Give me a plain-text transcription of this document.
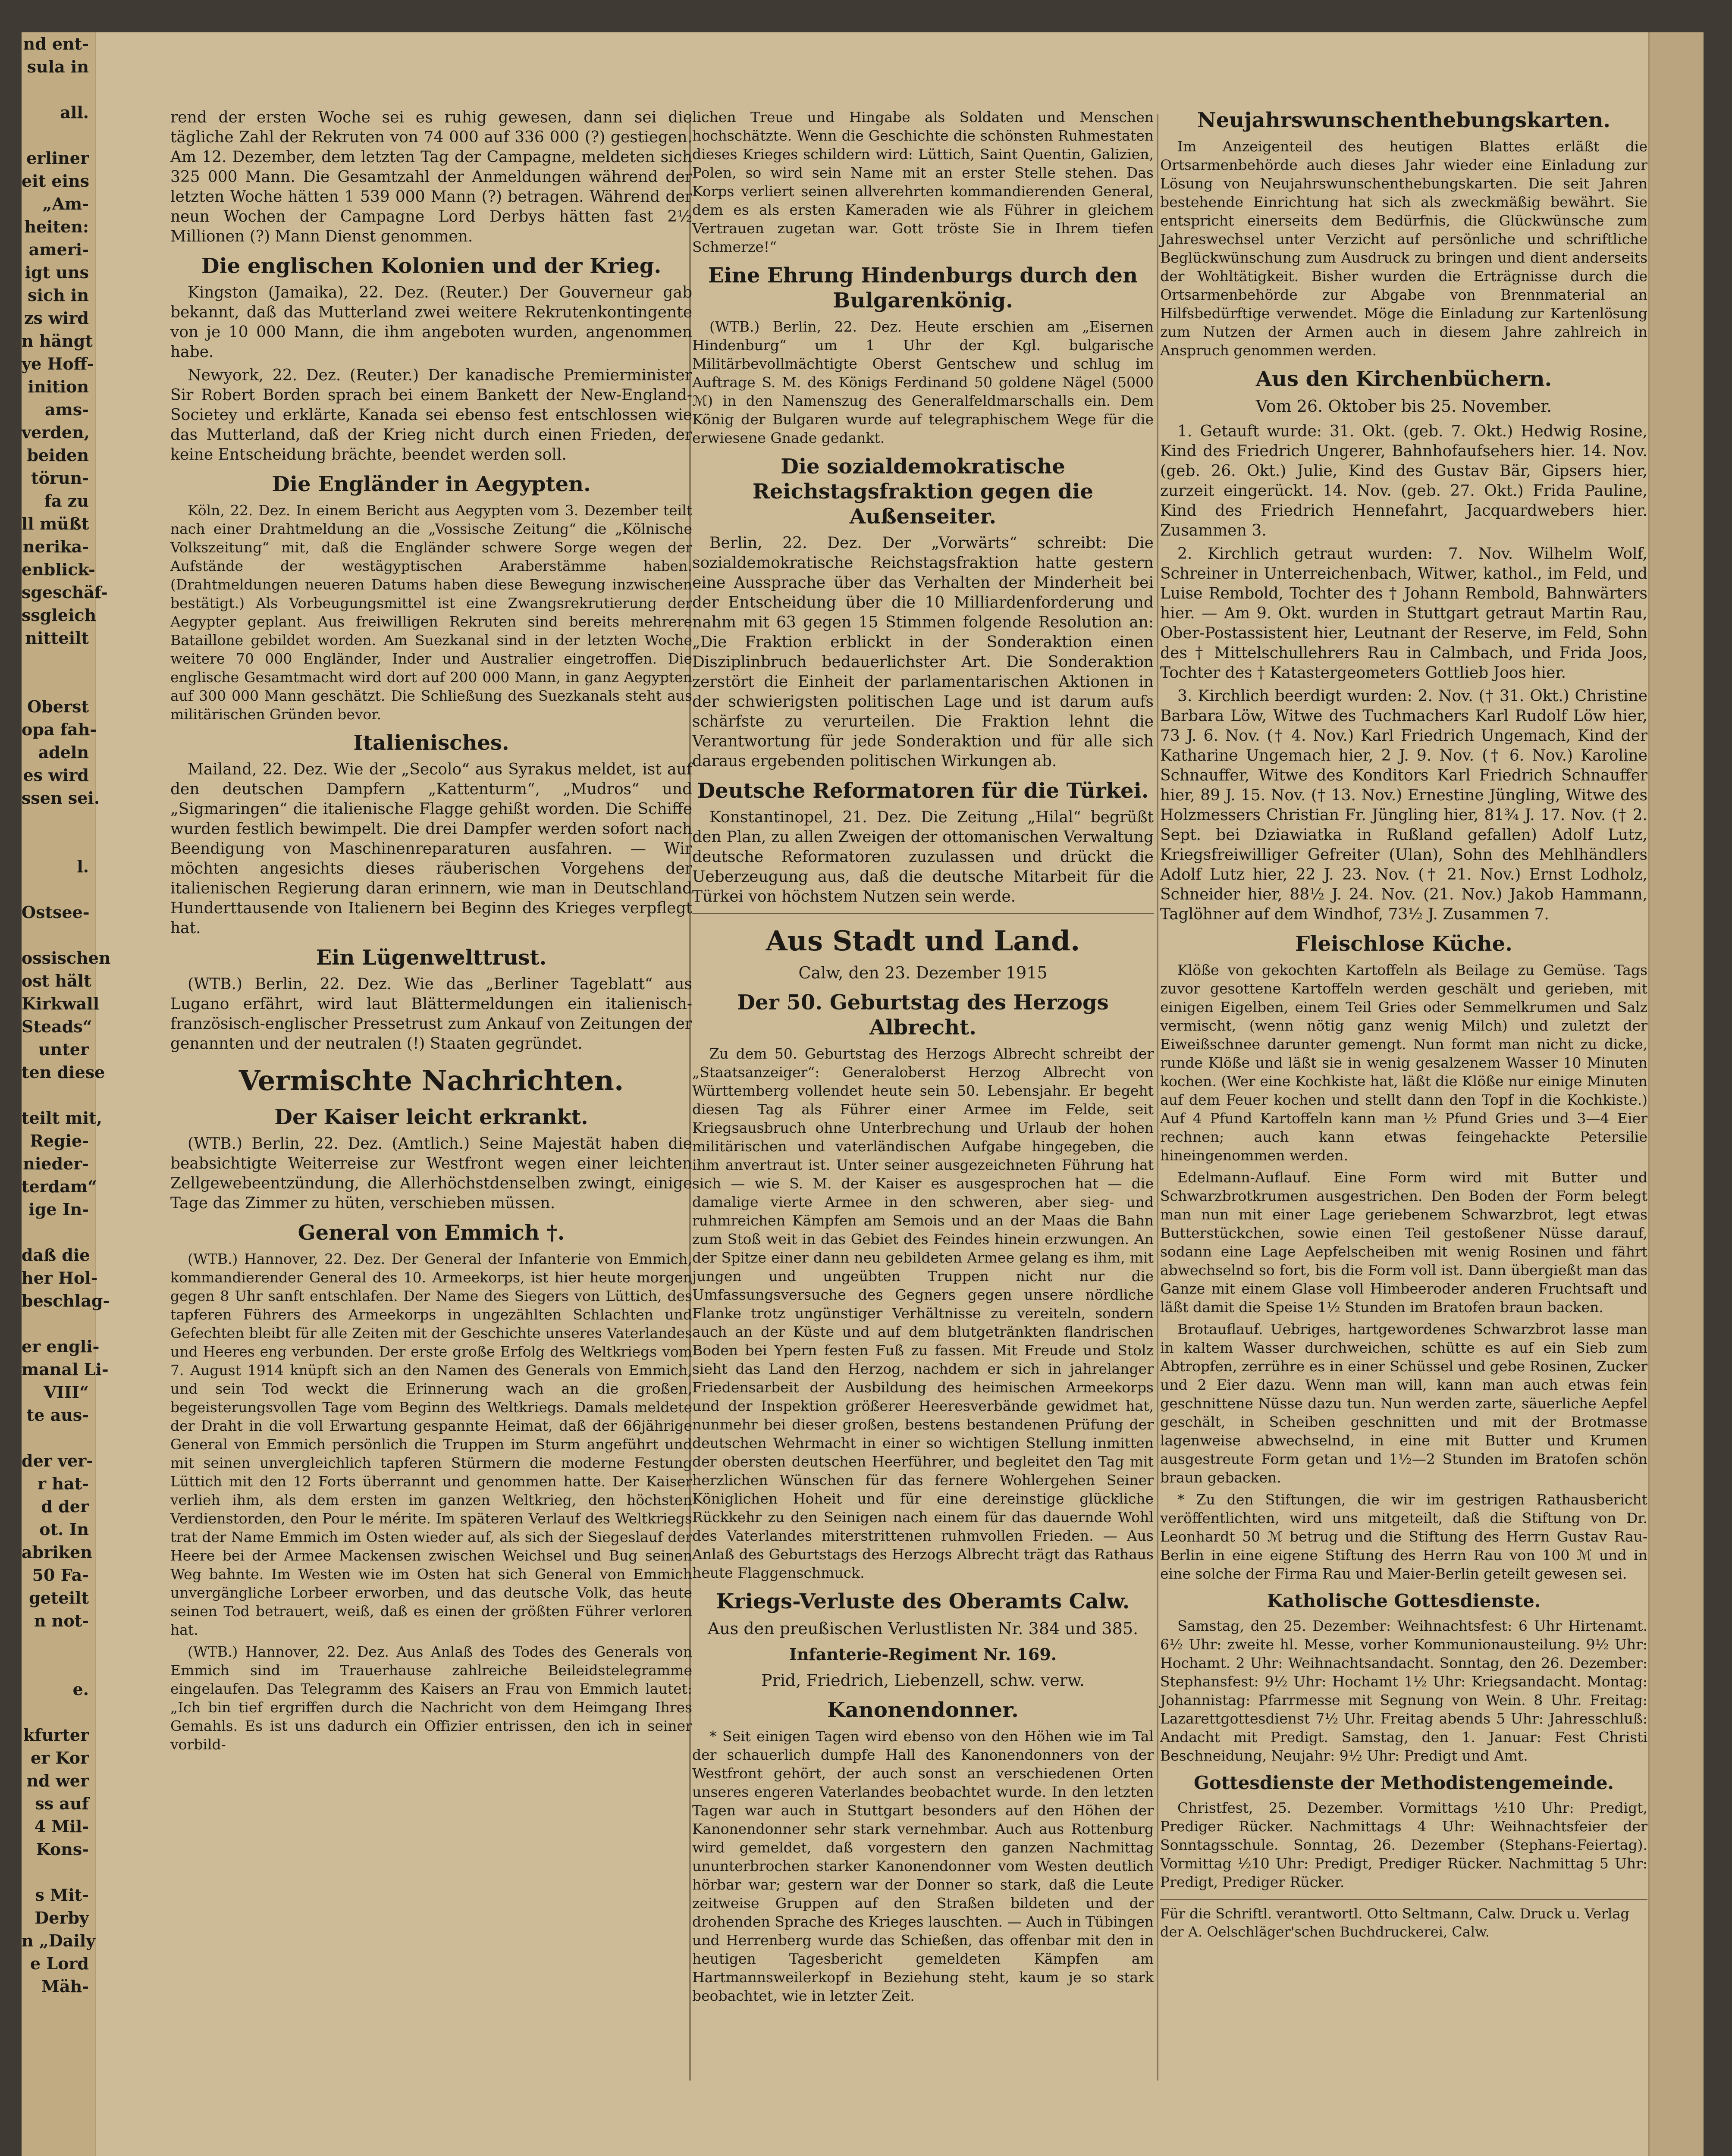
nd ent-
sula in

all.

erliner
eit eins
„Am-
heiten:
ameri-
igt uns
sich in
zs wird
n hängt
ye Hoff-
inition
ams-
verden,
beiden
törun-
fa zu
ll müßt
nerika-
enblick-
sgeschäf-
ssgleich
nitteilt

Oberst
opa fah-
adeln
es wird
ssen sei.

l.

Ostsee-

ossischen
ost hält
Kirkwall
Steads“
unter
ten diese

teilt mit,
Regie-
nieder-
terdam“
ige In-

daß die
her Hol-
beschlag-

er engli-
manal Li-
VIII“
te aus-

der ver-
r hat-
d der
ot. In
abriken
50 Fa-
geteilt
n not-

e.

kfurter
er Kor
nd wer
ss auf
4 Mil-
Kons-

s Mit-
Derby
n „Daily
e Lord
Mäh-

rend der ersten Woche sei es ruhig gewesen, dann sei die tägliche Zahl der Rekruten von 74 000 auf 336 000 (?) gestiegen. Am 12. Dezember, dem letzten Tag der Campagne, meldeten sich 325 000 Mann. Die Gesamtzahl der Anmeldungen während der letzten Woche hätten 1 539 000 Mann (?) betragen. Während der neun Wochen der Campagne Lord Derbys hätten fast 2½ Millionen (?) Mann Dienst genommen.

Die englischen Kolonien und der Krieg.

Kingston (Jamaika), 22. Dez. (Reuter.) Der Gouverneur gab bekannt, daß das Mutterland zwei weitere Rekrutenkontingente von je 10 000 Mann, die ihm angeboten wurden, angenommen habe.

Newyork, 22. Dez. (Reuter.) Der kanadische Premierminister Sir Robert Borden sprach bei einem Bankett der New-England-Societey und erklärte, Kanada sei ebenso fest entschlossen wie das Mutterland, daß der Krieg nicht durch einen Frieden, der keine Entscheidung brächte, beendet werden soll.

Die Engländer in Aegypten.

Köln, 22. Dez. In einem Bericht aus Aegypten vom 3. Dezember teilt nach einer Drahtmeldung an die „Vossische Zeitung“ die „Kölnische Volkszeitung“ mit, daß die Engländer schwere Sorge wegen der Aufstände der westägyptischen Araberstämme haben. (Drahtmeldungen neueren Datums haben diese Bewegung inzwischen bestätigt.) Als Vorbeugungsmittel ist eine Zwangsrekrutierung der Aegypter geplant. Aus freiwilligen Rekruten sind bereits mehrere Bataillone gebildet worden. Am Suezkanal sind in der letzten Woche weitere 70 000 Engländer, Inder und Australier eingetroffen. Die englische Gesamtmacht wird dort auf 200 000 Mann, in ganz Aegypten auf 300 000 Mann geschätzt. Die Schließung des Suezkanals steht aus militärischen Gründen bevor.

Italienisches.

Mailand, 22. Dez. Wie der „Secolo“ aus Syrakus meldet, ist auf den deutschen Dampfern „Kattenturm“, „Mudros“ und „Sigmaringen“ die italienische Flagge gehißt worden. Die Schiffe wurden festlich bewimpelt. Die drei Dampfer werden sofort nach Beendigung von Maschinenreparaturen ausfahren. — Wir möchten angesichts dieses räuberischen Vorgehens der italienischen Regierung daran erinnern, wie man in Deutschland Hunderttausende von Italienern bei Beginn des Krieges verpflegt hat.

Ein Lügenwelttrust.

(WTB.) Berlin, 22. Dez. Wie das „Berliner Tageblatt“ aus Lugano erfährt, wird laut Blättermeldungen ein italienisch-französisch-englischer Pressetrust zum Ankauf von Zeitungen der genannten und der neutralen (!) Staaten gegründet.

Vermischte Nachrichten.
Der Kaiser leicht erkrankt.

(WTB.) Berlin, 22. Dez. (Amtlich.) Seine Majestät haben die beabsichtigte Weiterreise zur Westfront wegen einer leichten Zellgewebeentzündung, die Allerhöchstdenselben zwingt, einige Tage das Zimmer zu hüten, verschieben müssen.

General von Emmich †.

(WTB.) Hannover, 22. Dez. Der General der Infanterie von Emmich, kommandierender General des 10. Armeekorps, ist hier heute morgen gegen 8 Uhr sanft entschlafen. Der Name des Siegers von Lüttich, des tapferen Führers des Armeekorps in ungezählten Schlachten und Gefechten bleibt für alle Zeiten mit der Geschichte unseres Vaterlandes und Heeres eng verbunden. Der erste große Erfolg des Weltkriegs vom 7. August 1914 knüpft sich an den Namen des Generals von Emmich, und sein Tod weckt die Erinnerung wach an die großen, begeisterungsvollen Tage vom Beginn des Weltkriegs. Damals meldete der Draht in die voll Erwartung gespannte Heimat, daß der 66jährige General von Emmich persönlich die Truppen im Sturm angeführt und mit seinen unvergleichlich tapferen Stürmern die moderne Festung Lüttich mit den 12 Forts überrannt und genommen hatte. Der Kaiser verlieh ihm, als dem ersten im ganzen Weltkrieg, den höchsten Verdienstorden, den Pour le mérite. Im späteren Verlauf des Weltkriegs trat der Name Emmich im Osten wieder auf, als sich der Siegeslauf der Heere bei der Armee Mackensen zwischen Weichsel und Bug seinen Weg bahnte. Im Westen wie im Osten hat sich General von Emmich unvergängliche Lorbeer erworben, und das deutsche Volk, das heute seinen Tod betrauert, weiß, daß es einen der größten Führer verloren hat.

(WTB.) Hannover, 22. Dez. Aus Anlaß des Todes des Generals von Emmich sind im Trauerhause zahlreiche Beileidstelegramme eingelaufen. Das Telegramm des Kaisers an Frau von Emmich lautet: „Ich bin tief ergriffen durch die Nachricht von dem Heimgang Ihres Gemahls. Es ist uns dadurch ein Offizier entrissen, den ich in seiner vorbild-

lichen Treue und Hingabe als Soldaten und Menschen hochschätzte. Wenn die Geschichte die schönsten Ruhmestaten dieses Krieges schildern wird: Lüttich, Saint Quentin, Galizien, Polen, so wird sein Name mit an erster Stelle stehen. Das Korps verliert seinen allverehrten kommandierenden General, dem es als ersten Kameraden wie als Führer in gleichem Vertrauen zugetan war. Gott tröste Sie in Ihrem tiefen Schmerze!“

Eine Ehrung Hindenburgs durch den Bulgarenkönig.

(WTB.) Berlin, 22. Dez. Heute erschien am „Eisernen Hindenburg“ um 1 Uhr der Kgl. bulgarische Militärbevollmächtigte Oberst Gentschew und schlug im Auftrage S. M. des Königs Ferdinand 50 goldene Nägel (5000 ℳ) in den Namenszug des Generalfeldmarschalls ein. Dem König der Bulgaren wurde auf telegraphischem Wege für die erwiesene Gnade gedankt.

Die sozialdemokratische Reichstagsfraktion gegen die Außenseiter.

Berlin, 22. Dez. Der „Vorwärts“ schreibt: Die sozialdemokratische Reichstagsfraktion hatte gestern eine Aussprache über das Verhalten der Minderheit bei der Entscheidung über die 10 Milliardenforderung und nahm mit 63 gegen 15 Stimmen folgende Resolution an: „Die Fraktion erblickt in der Sonderaktion einen Disziplinbruch bedauerlichster Art. Die Sonderaktion zerstört die Einheit der parlamentarischen Aktionen in der schwierigsten politischen Lage und ist darum aufs schärfste zu verurteilen. Die Fraktion lehnt die Verantwortung für jede Sonderaktion und für alle sich daraus ergebenden politischen Wirkungen ab.

Deutsche Reformatoren für die Türkei.

Konstantinopel, 21. Dez. Die Zeitung „Hilal“ begrüßt den Plan, zu allen Zweigen der ottomanischen Verwaltung deutsche Reformatoren zuzulassen und drückt die Ueberzeugung aus, daß die deutsche Mitarbeit für die Türkei von höchstem Nutzen sein werde.

Aus Stadt und Land.
Calw, den 23. Dezember 1915
Der 50. Geburtstag des Herzogs Albrecht.

Zu dem 50. Geburtstag des Herzogs Albrecht schreibt der „Staatsanzeiger“: Generaloberst Herzog Albrecht von Württemberg vollendet heute sein 50. Lebensjahr. Er begeht diesen Tag als Führer einer Armee im Felde, seit Kriegsausbruch ohne Unterbrechung und Urlaub der hohen militärischen und vaterländischen Aufgabe hingegeben, die ihm anvertraut ist. Unter seiner ausgezeichneten Führung hat sich — wie S. M. der Kaiser es ausgesprochen hat — die damalige vierte Armee in den schweren, aber sieg- und ruhmreichen Kämpfen am Semois und an der Maas die Bahn zum Stoß weit in das Gebiet des Feindes hinein erzwungen. An der Spitze einer dann neu gebildeten Armee gelang es ihm, mit jungen und ungeübten Truppen nicht nur die Umfassungsversuche des Gegners gegen unsere nördliche Flanke trotz ungünstiger Verhältnisse zu vereiteln, sondern auch an der Küste und auf dem blutgetränkten flandrischen Boden bei Ypern festen Fuß zu fassen. Mit Freude und Stolz sieht das Land den Herzog, nachdem er sich in jahrelanger Friedensarbeit der Ausbildung des heimischen Armeekorps und der Inspektion größerer Heeresverbände gewidmet hat, nunmehr bei dieser großen, bestens bestandenen Prüfung der deutschen Wehrmacht in einer so wichtigen Stellung inmitten der obersten deutschen Heerführer, und begleitet den Tag mit herzlichen Wünschen für das fernere Wohlergehen Seiner Königlichen Hoheit und für eine dereinstige glückliche Rückkehr zu den Seinigen nach einem für das dauernde Wohl des Vaterlandes miterstrittenen ruhmvollen Frieden. — Aus Anlaß des Geburtstags des Herzogs Albrecht trägt das Rathaus heute Flaggenschmuck.

Kriegs-Verluste des Oberamts Calw.
Aus den preußischen Verlustlisten Nr. 384 und 385.
Infanterie-Regiment Nr. 169.
Prid, Friedrich, Liebenzell, schw. verw.
Kanonendonner.

* Seit einigen Tagen wird ebenso von den Höhen wie im Tal der schauerlich dumpfe Hall des Kanonendonners von der Westfront gehört, der auch sonst an verschiedenen Orten unseres engeren Vaterlandes beobachtet wurde. In den letzten Tagen war auch in Stuttgart besonders auf den Höhen der Kanonendonner sehr stark vernehmbar. Auch aus Rottenburg wird gemeldet, daß vorgestern den ganzen Nachmittag ununterbrochen starker Kanonendonner vom Westen deutlich hörbar war; gestern war der Donner so stark, daß die Leute zeitweise Gruppen auf den Straßen bildeten und der drohenden Sprache des Krieges lauschten. — Auch in Tübingen und Herrenberg wurde das Schießen, das offenbar mit den in heutigen Tagesbericht gemeldeten Kämpfen am Hartmannsweilerkopf in Beziehung steht, kaum je so stark beobachtet, wie in letzter Zeit.

Neujahrswunschenthebungskarten.

Im Anzeigenteil des heutigen Blattes erläßt die Ortsarmenbehörde auch dieses Jahr wieder eine Einladung zur Lösung von Neujahrswunschenthebungskarten. Die seit Jahren bestehende Einrichtung hat sich als zweckmäßig bewährt. Sie entspricht einerseits dem Bedürfnis, die Glückwünsche zum Jahreswechsel unter Verzicht auf persönliche und schriftliche Beglückwünschung zum Ausdruck zu bringen und dient anderseits der Wohltätigkeit. Bisher wurden die Erträgnisse durch die Ortsarmenbehörde zur Abgabe von Brennmaterial an Hilfsbedürftige verwendet. Möge die Einladung zur Kartenlösung zum Nutzen der Armen auch in diesem Jahre zahlreich in Anspruch genommen werden.

Aus den Kirchenbüchern.
Vom 26. Oktober bis 25. November.

1. Getauft wurde: 31. Okt. (geb. 7. Okt.) Hedwig Rosine, Kind des Friedrich Ungerer, Bahnhofaufsehers hier. 14. Nov. (geb. 26. Okt.) Julie, Kind des Gustav Bär, Gipsers hier, zurzeit eingerückt. 14. Nov. (geb. 27. Okt.) Frida Pauline, Kind des Friedrich Hennefahrt, Jacquardwebers hier. Zusammen 3.

2. Kirchlich getraut wurden: 7. Nov. Wilhelm Wolf, Schreiner in Unterreichenbach, Witwer, kathol., im Feld, und Luise Rembold, Tochter des † Johann Rembold, Bahnwärters hier. — Am 9. Okt. wurden in Stuttgart getraut Martin Rau, Ober-Postassistent hier, Leutnant der Reserve, im Feld, Sohn des † Mittelschullehrers Rau in Calmbach, und Frida Joos, Tochter des † Katastergeometers Gottlieb Joos hier.

3. Kirchlich beerdigt wurden: 2. Nov. († 31. Okt.) Christine Barbara Löw, Witwe des Tuchmachers Karl Rudolf Löw hier, 73 J. 6. Nov. († 4. Nov.) Karl Friedrich Ungemach, Kind der Katharine Ungemach hier, 2 J. 9. Nov. († 6. Nov.) Karoline Schnauffer, Witwe des Konditors Karl Friedrich Schnauffer hier, 89 J. 15. Nov. († 13. Nov.) Ernestine Jüngling, Witwe des Holzmessers Christian Fr. Jüngling hier, 81¾ J. 17. Nov. († 2. Sept. bei Dziawiatka in Rußland gefallen) Adolf Lutz, Kriegsfreiwilliger Gefreiter (Ulan), Sohn des Mehlhändlers Adolf Lutz hier, 22 J. 23. Nov. († 21. Nov.) Ernst Lodholz, Schneider hier, 88½ J. 24. Nov. (21. Nov.) Jakob Hammann, Taglöhner auf dem Windhof, 73½ J. Zusammen 7.

Fleischlose Küche.

Klöße von gekochten Kartoffeln als Beilage zu Gemüse. Tags zuvor gesottene Kartoffeln werden geschält und gerieben, mit einigen Eigelben, einem Teil Gries oder Semmelkrumen und Salz vermischt, (wenn nötig ganz wenig Milch) und zuletzt der Eiweißschnee darunter gemengt. Nun formt man nicht zu dicke, runde Klöße und läßt sie in wenig gesalzenem Wasser 10 Minuten kochen. (Wer eine Kochkiste hat, läßt die Klöße nur einige Minuten auf dem Feuer kochen und stellt dann den Topf in die Kochkiste.) Auf 4 Pfund Kartoffeln kann man ½ Pfund Gries und 3—4 Eier rechnen; auch kann etwas feingehackte Petersilie hineingenommen werden.

Edelmann-Auflauf. Eine Form wird mit Butter und Schwarzbrotkrumen ausgestrichen. Den Boden der Form belegt man nun mit einer Lage geriebenem Schwarzbrot, legt etwas Butterstückchen, sowie einen Teil gestoßener Nüsse darauf, sodann eine Lage Aepfelscheiben mit wenig Rosinen und fährt abwechselnd so fort, bis die Form voll ist. Dann übergießt man das Ganze mit einem Glase voll Himbeeroder anderen Fruchtsaft und läßt damit die Speise 1½ Stunden im Bratofen braun backen.

Brotauflauf. Uebriges, hartgewordenes Schwarzbrot lasse man in kaltem Wasser durchweichen, schütte es auf ein Sieb zum Abtropfen, zerrühre es in einer Schüssel und gebe Rosinen, Zucker und 2 Eier dazu. Wenn man will, kann man auch etwas fein geschnittene Nüsse dazu tun. Nun werden zarte, säuerliche Aepfel geschält, in Scheiben geschnitten und mit der Brotmasse lagenweise abwechselnd, in eine mit Butter und Krumen ausgestreute Form getan und 1½—2 Stunden im Bratofen schön braun gebacken.

* Zu den Stiftungen, die wir im gestrigen Rathausbericht veröffentlichten, wird uns mitgeteilt, daß die Stiftung von Dr. Leonhardt 50 ℳ betrug und die Stiftung des Herrn Gustav Rau-Berlin in eine eigene Stiftung des Herrn Rau von 100 ℳ und in eine solche der Firma Rau und Maier-Berlin geteilt gewesen sei.

Katholische Gottesdienste.

Samstag, den 25. Dezember: Weihnachtsfest: 6 Uhr Hirtenamt. 6½ Uhr: zweite hl. Messe, vorher Kommunionausteilung. 9½ Uhr: Hochamt. 2 Uhr: Weihnachtsandacht. Sonntag, den 26. Dezember: Stephansfest: 9½ Uhr: Hochamt 1½ Uhr: Kriegsandacht. Montag: Johannistag: Pfarrmesse mit Segnung von Wein. 8 Uhr. Freitag: Lazarettgottesdienst 7½ Uhr. Freitag abends 5 Uhr: Jahresschluß: Andacht mit Predigt. Samstag, den 1. Januar: Fest Christi Beschneidung, Neujahr: 9½ Uhr: Predigt und Amt.

Gottesdienste der Methodistengemeinde.

Christfest, 25. Dezember. Vormittags ½10 Uhr: Predigt, Prediger Rücker. Nachmittags 4 Uhr: Weihnachtsfeier der Sonntagsschule. Sonntag, 26. Dezember (Stephans-Feiertag). Vormittag ½10 Uhr: Predigt, Prediger Rücker. Nachmittag 5 Uhr: Predigt, Prediger Rücker.

Für die Schriftl. verantwortl. Otto Seltmann, Calw. Druck u. Verlag der A. Oelschläger'schen Buchdruckerei, Calw.
